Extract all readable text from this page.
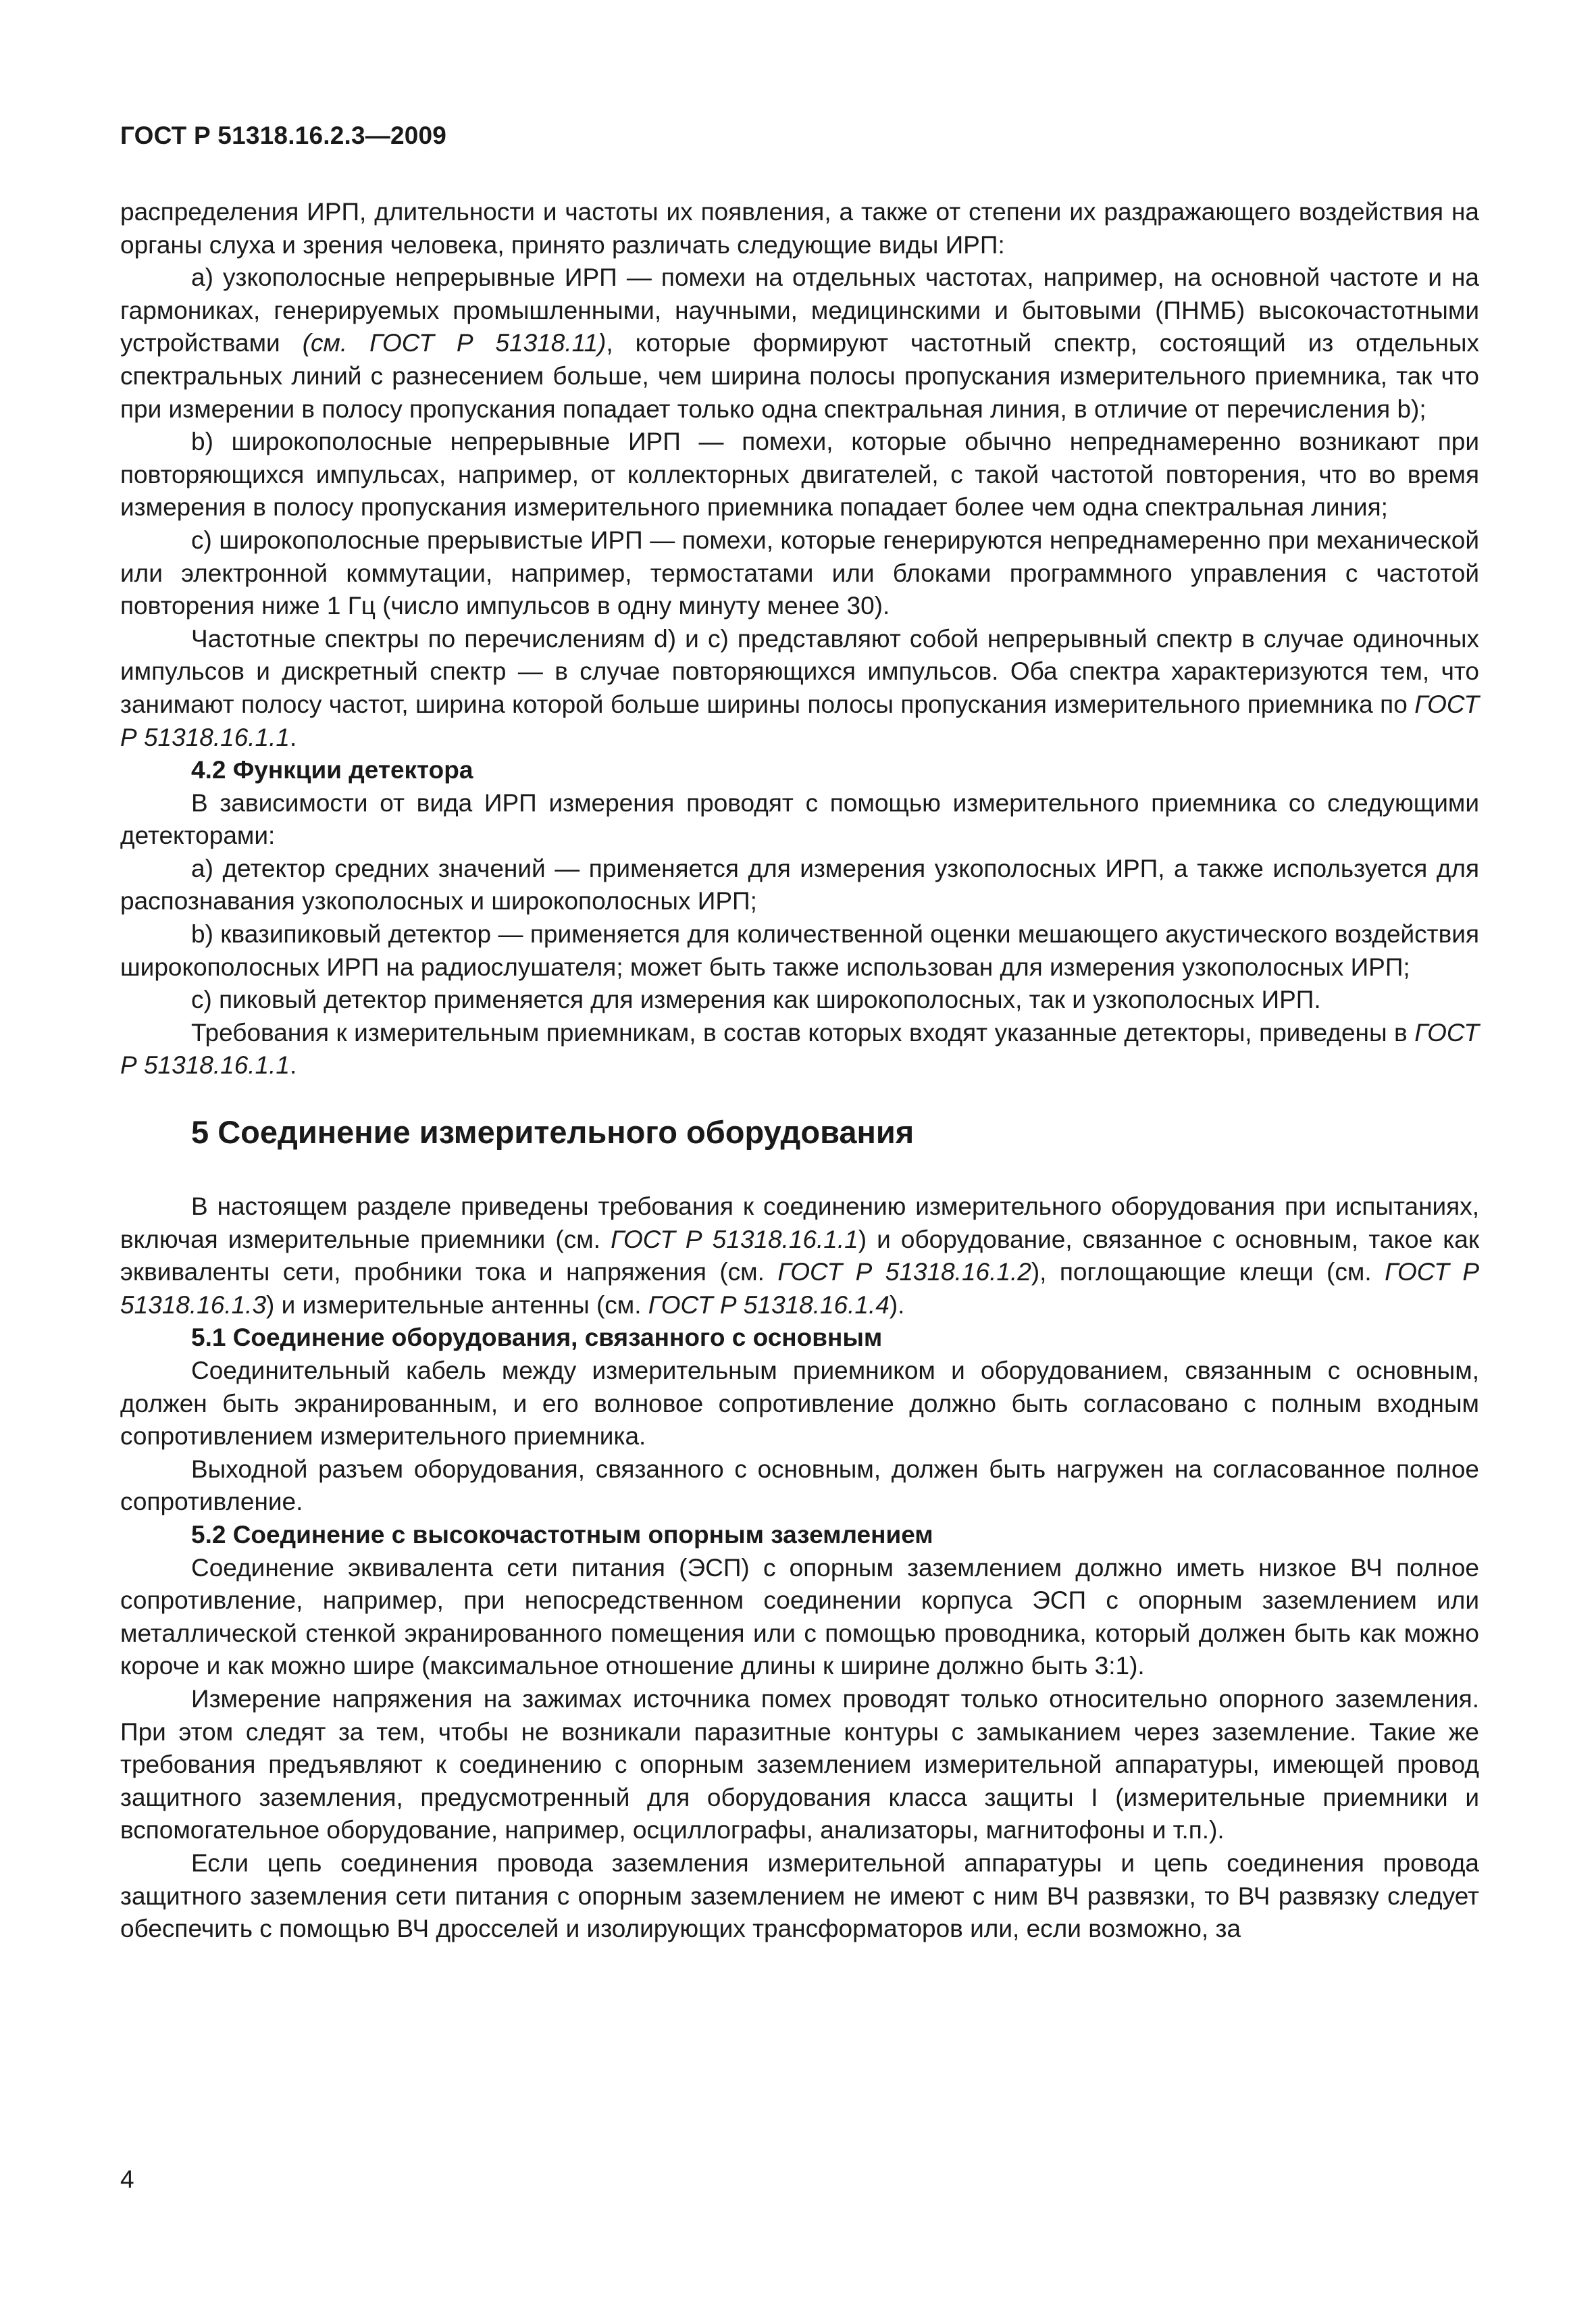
ГОСТ Р 51318.16.2.3—2009

распределения ИРП, длительности и частоты их появления, а также от степени их раздражающего воздействия на органы слуха и зрения человека, принято различать следующие виды ИРП:

а) узкополосные непрерывные ИРП — помехи на отдельных частотах, например, на основной частоте и на гармониках, генерируемых промышленными, научными, медицинскими и бытовыми (ПНМБ) высокочастотными устройствами (см. ГОСТ Р 51318.11), которые формируют частотный спектр, состоящий из отдельных спектральных линий с разнесением больше, чем ширина полосы пропускания измерительного приемника, так что при измерении в полосу пропускания попадает только одна спектральная линия, в отличие от перечисления b);

b) широкополосные непрерывные ИРП — помехи, которые обычно непреднамеренно возникают при повторяющихся импульсах, например, от коллекторных двигателей, с такой частотой повторения, что во время измерения в полосу пропускания измерительного приемника попадает более чем одна спектральная линия;

c) широкополосные прерывистые ИРП — помехи, которые генерируются непреднамеренно при механической или электронной коммутации, например, термостатами или блоками программного управления с частотой повторения ниже 1 Гц (число импульсов в одну минуту менее 30).

Частотные спектры по перечислениям d) и c) представляют собой непрерывный спектр в случае одиночных импульсов и дискретный спектр — в случае повторяющихся импульсов. Оба спектра характеризуются тем, что занимают полосу частот, ширина которой больше ширины полосы пропускания измерительного приемника по ГОСТ Р 51318.16.1.1.

4.2 Функции детектора

В зависимости от вида ИРП измерения проводят с помощью измерительного приемника со следующими детекторами:

а) детектор средних значений — применяется для измерения узкополосных ИРП, а также используется для распознавания узкополосных и широкополосных ИРП;

b) квазипиковый детектор — применяется для количественной оценки мешающего акустического воздействия широкополосных ИРП на радиослушателя; может быть также использован для измерения узкополосных ИРП;

c) пиковый детектор применяется для измерения как широкополосных, так и узкополосных ИРП.

Требования к измерительным приемникам, в состав которых входят указанные детекторы, приведены в ГОСТ Р 51318.16.1.1.

5 Соединение измерительного оборудования

В настоящем разделе приведены требования к соединению измерительного оборудования при испытаниях, включая измерительные приемники (см. ГОСТ Р 51318.16.1.1) и оборудование, связанное с основным, такое как эквиваленты сети, пробники тока и напряжения (см. ГОСТ Р 51318.16.1.2), поглощающие клещи (см. ГОСТ Р 51318.16.1.3) и измерительные антенны (см. ГОСТ Р 51318.16.1.4).

5.1 Соединение оборудования, связанного с основным

Соединительный кабель между измерительным приемником и оборудованием, связанным с основным, должен быть экранированным, и его волновое сопротивление должно быть согласовано с полным входным сопротивлением измерительного приемника.

Выходной разъем оборудования, связанного с основным, должен быть нагружен на согласованное полное сопротивление.

5.2 Соединение с высокочастотным опорным заземлением

Соединение эквивалента сети питания (ЭСП) с опорным заземлением должно иметь низкое ВЧ полное сопротивление, например, при непосредственном соединении корпуса ЭСП с опорным заземлением или металлической стенкой экранированного помещения или с помощью проводника, который должен быть как можно короче и как можно шире (максимальное отношение длины к ширине должно быть 3:1).

Измерение напряжения на зажимах источника помех проводят только относительно опорного заземления. При этом следят за тем, чтобы не возникали паразитные контуры с замыканием через заземление. Такие же требования предъявляют к соединению с опорным заземлением измерительной аппаратуры, имеющей провод защитного заземления, предусмотренный для оборудования класса защиты I (измерительные приемники и вспомогательное оборудование, например, осциллографы, анализаторы, магнитофоны и т.п.).

Если цепь соединения провода заземления измерительной аппаратуры и цепь соединения провода защитного заземления сети питания с опорным заземлением не имеют с ним ВЧ развязки, то ВЧ развязку следует обеспечить с помощью ВЧ дросселей и изолирующих трансформаторов или, если возможно, за

4
